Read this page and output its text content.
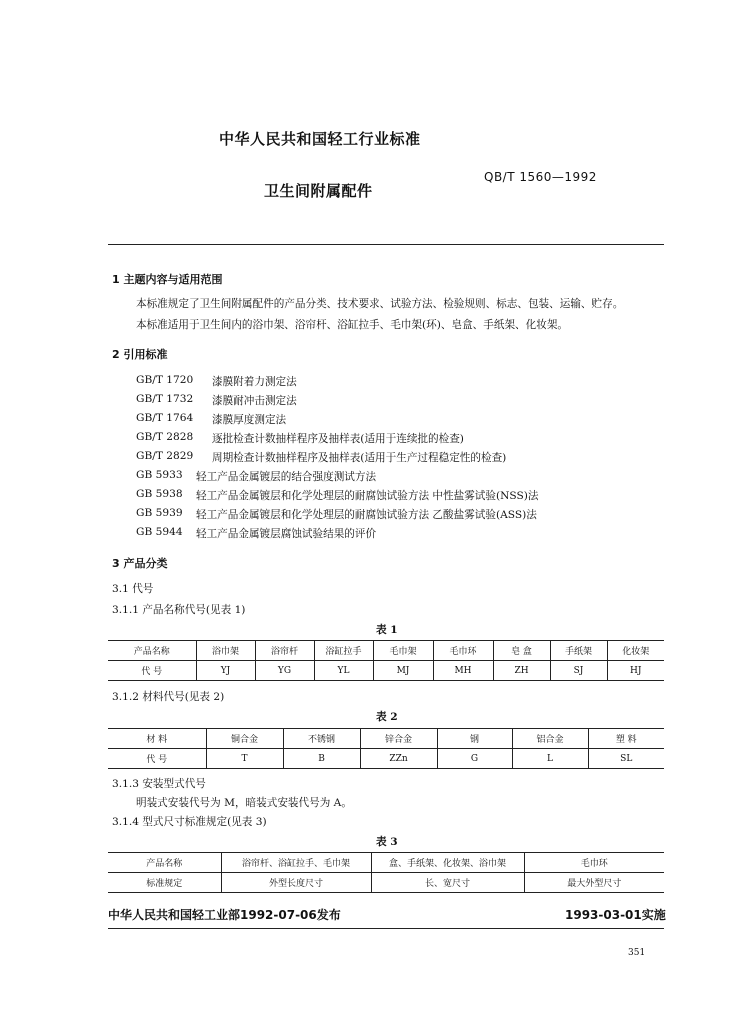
中华人民共和国轻工行业标准
QB/T 1560—1992
卫生间附属配件
1 主题内容与适用范围
本标准规定了卫生间附属配件的产品分类、技术要求、试验方法、检验规则、标志、包装、运输、贮存。
本标准适用于卫生间内的浴巾架、浴帘杆、浴缸拉手、毛巾架(环)、皂盒、手纸架、化妆架。
2 引用标准
GB/T 1720 漆膜附着力测定法
GB/T 1732 漆膜耐冲击测定法
GB/T 1764 漆膜厚度测定法
GB/T 2828 逐批检查计数抽样程序及抽样表(适用于连续批的检查)
GB/T 2829 周期检查计数抽样程序及抽样表(适用于生产过程稳定性的检查)
GB 5933 轻工产品金属镀层的结合强度测试方法
GB 5938 轻工产品金属镀层和化学处理层的耐腐蚀试验方法 中性盐雾试验(NSS)法
GB 5939 轻工产品金属镀层和化学处理层的耐腐蚀试验方法 乙酸盐雾试验(ASS)法
GB 5944 轻工产品金属镀层腐蚀试验结果的评价
3 产品分类
3.1 代号
3.1.1 产品名称代号(见表 1)
表 1
产品名称	浴巾架	浴帘杆	浴缸拉手	毛巾架	毛巾环	皂 盒	手纸架	化妆架
代 号	YJ	YG	YL	MJ	MH	ZH	SJ	HJ
3.1.2 材料代号(见表 2)
表 2
材 料	铜合金	不锈钢	锌合金	钢	铝合金	塑 料
代 号	T	B	ZZn	G	L	SL
3.1.3 安装型式代号
明装式安装代号为 M，暗装式安装代号为 A。
3.1.4 型式尺寸标准规定(见表 3)
表 3
产品名称	浴帘杆、浴缸拉手、毛巾架	盒、手纸架、化妆架、浴巾架	毛巾环
标准规定	外型长度尺寸	长、宽尺寸	最大外型尺寸
中华人民共和国轻工业部1992-07-06发布	1993-03-01实施
351
